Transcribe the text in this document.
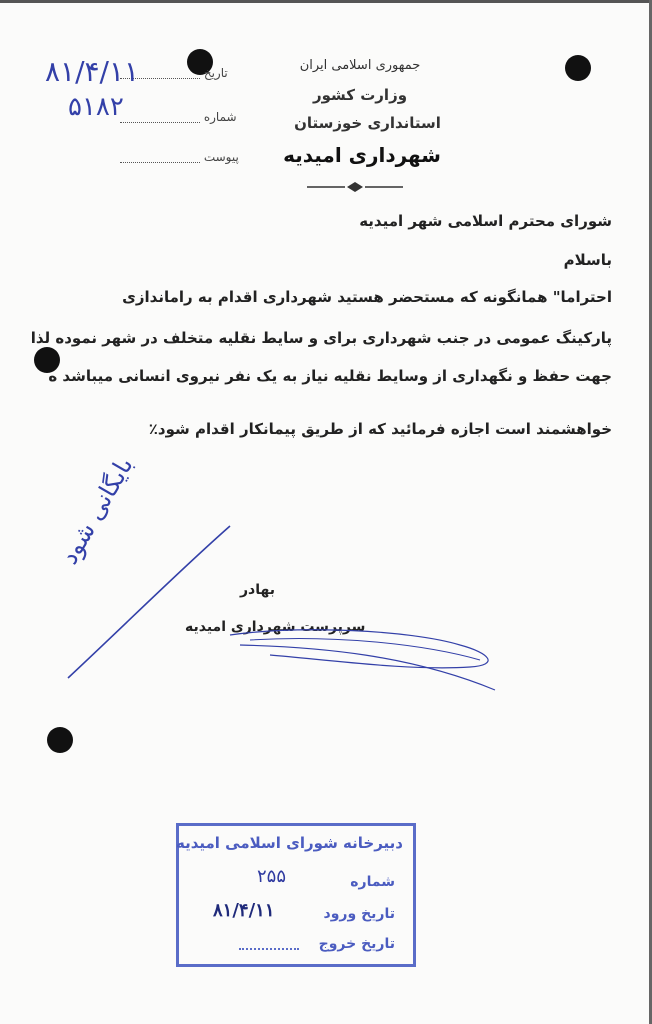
جمهوری اسلامی ایران
وزارت کشور
استانداری خوزستان
شهرداری امیدیه
تاریخ
۸۱/۴/۱۱
شماره
۵۱۸۲
پیوست
شورای محترم اسلامی شهر امیدیه
باسلام
احتراما" همانگونه که مستحضر هستید شهرداری اقدام به راماندازی
پارکینگ عمومی در جنب شهرداری برای و سایط نقلیه متخلف در شهر نموده لذا
جهت حفظ و نگهداری از وسایط نقلیه نیاز به یک نفر نیروی انسانی میباشد ه
خواهشمند است اجازه فرمائید که از طریق پیمانکار اقدام شود٪
بایگانی شود
بهادر
سرپرست شهرداری امیدیه
دبیرخانه شورای اسلامی امیدیه
شماره
۲۵۵
تاریخ ورود
۸۱/۴/۱۱
تاریخ خروج
